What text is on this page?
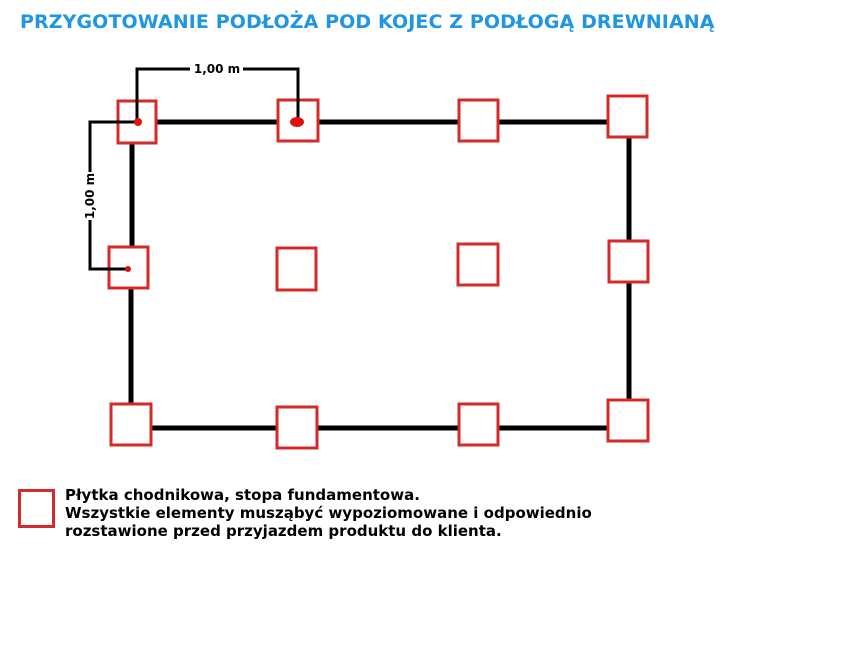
PRZYGOTOWANIE PODŁOŻA POD KOJEC Z PODŁOGĄ DREWNIANĄ
1,00 m
1,00 m
Płytka chodnikowa, stopa fundamentowa.
Wszystkie elementy musząbyć wypoziomowane i odpowiednio
rozstawione przed przyjazdem produktu do klienta.
